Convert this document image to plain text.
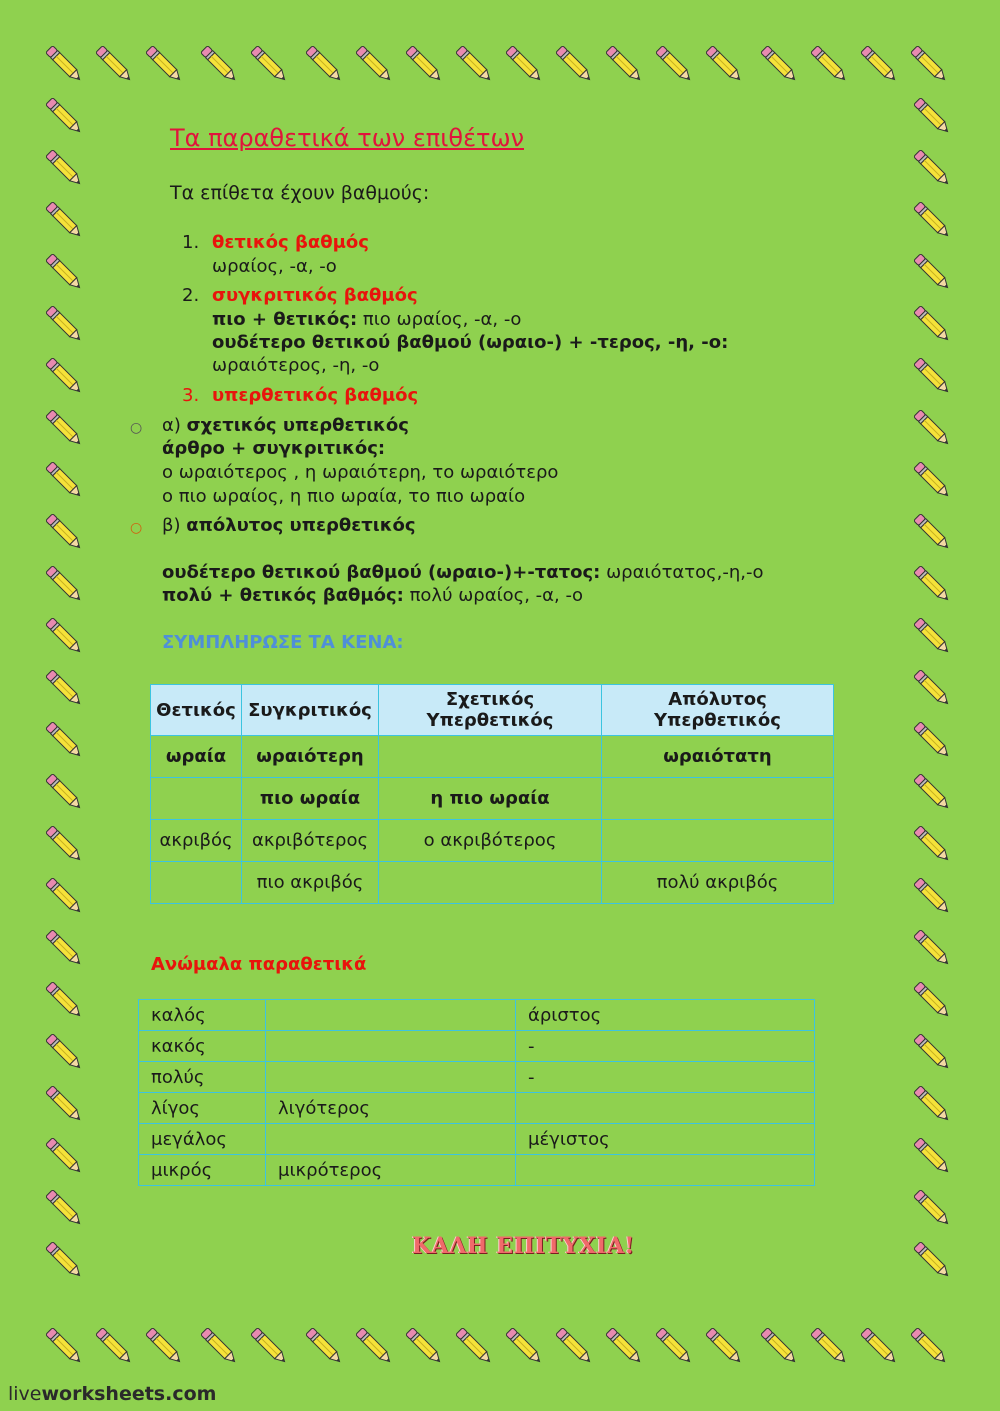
Τα παραθετικά των επιθέτων
Τα επίθετα έχουν βαθμούς:
1. θετικός βαθμός
ωραίος, -α, -ο
2. συγκριτικός βαθμός
πιο + θετικός: πιο ωραίος, -α, -ο
ουδέτερο θετικού βαθμού (ωραιο-) + -τερος, -η, -ο:
ωραιότερος, -η, -ο
3. υπερθετικός βαθμός
○ α) σχετικός υπερθετικός
άρθρο + συγκριτικός:
ο ωραιότερος , η ωραιότερη, το ωραιότερο
ο πιο ωραίος, η πιο ωραία, το πιο ωραίο
○ β) απόλυτος υπερθετικός
ουδέτερο θετικού βαθμού (ωραιο-)+-τατος: ωραιότατος,-η,-ο
πολύ + θετικός βαθμός: πολύ ωραίος, -α, -ο
ΣΥΜΠΛΗΡΩΣΕ ΤΑ ΚΕΝΑ:
Θετικός	Συγκριτικός	Σχετικός Υπερθετικός	Απόλυτος Υπερθετικός
ωραία	ωραιότερη		ωραιότατη
	πιο ωραία	η πιο ωραία	
ακριβός	ακριβότερος	ο ακριβότερος	
	πιο ακριβός		πολύ ακριβός
Ανώμαλα παραθετικά
καλός		άριστος
κακός		-
πολύς		-
λίγος	λιγότερος	
μεγάλος		μέγιστος
μικρός	μικρότερος	
ΚΑΛΗ ΕΠΙΤΥΧΙΑ!
liveworksheets.com
